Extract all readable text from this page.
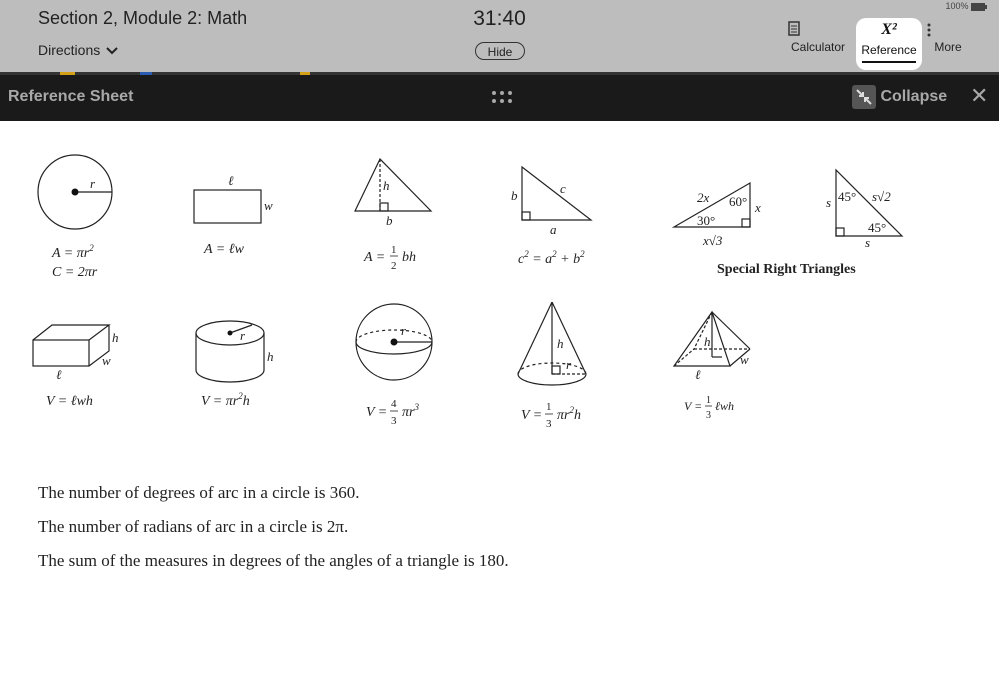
Section 2, Module 2: Math
Directions
31:40
Hide
100%
Calculator	More
X²
Reference
Reference Sheet	Collapse ✕
r	ℓ
w
h
b
b	c
a
2x 60° x
30°
x√3
s 45° s√2
45°
s
h
w
ℓ
r
h
r
h
r
h
w
ℓ
$A = \pi r^2$
C = 2πr
A = ℓw
A = 1
2
bh	$c^2 = a^2 + b^2$
V = ℓwh	$V = \pi r^2h$
V =
4
3
$\pi r^3$
V =
1
3
$\pi r^2h$
V = 1
3
ℓwh
Special Right Triangles
The number of degrees of arc in a circle is 360.
The number of radians of arc in a circle is 2π.
The sum of the measures in degrees of the angles of a triangle is 180.
